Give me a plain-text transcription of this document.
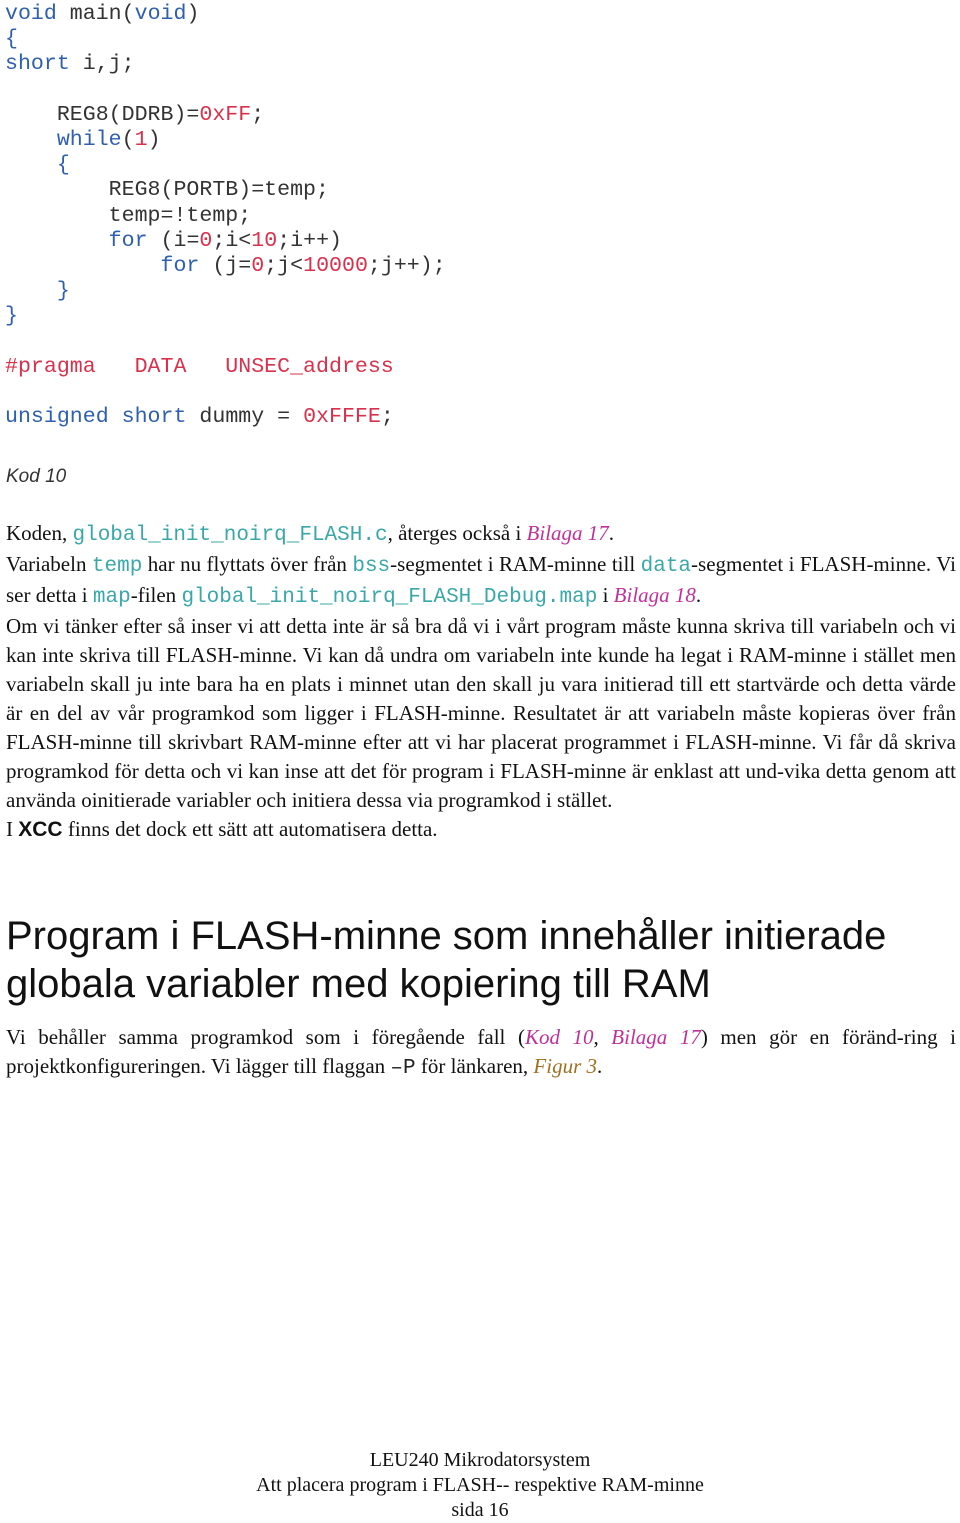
void main(void)
{
short i,j;
REG8(DDRB)=0xFF;
while(1)
{
REG8(PORTB)=temp;
temp=!temp;
for (i=0;i<10;i++)
for (j=0;j<10000;j++);
}
}
#pragma   DATA   UNSEC_address
unsigned short dummy = 0xFFFE;
Kod 10

Koden, global_init_noirq_FLASH.c, återges också i Bilaga 17.

Variabeln temp har nu flyttats över från bss-segmentet i RAM-minne till data-segmentet i FLASH-minne. Vi ser detta i map-filen global_init_noirq_FLASH_Debug.map i Bilaga 18.

Om vi tänker efter så inser vi att detta inte är så bra då vi i vårt program måste kunna skriva till variabeln och vi kan inte skriva till FLASH-minne. Vi kan då undra om variabeln inte kunde ha legat i RAM-minne i stället men variabeln skall ju inte bara ha en plats i minnet utan den skall ju vara initierad till ett startvärde och detta värde är en del av vår programkod som ligger i FLASH-minne. Resultatet är att variabeln måste kopieras över från FLASH-minne till skrivbart RAM-minne efter att vi har placerat programmet i FLASH-minne. Vi får då skriva programkod för detta och vi kan inse att det för program i FLASH-minne är enklast att und-vika detta genom att använda oinitierade variabler och initiera dessa via programkod i stället.

I XCC finns det dock ett sätt att automatisera detta.

Program i FLASH-minne som innehåller initierade globala variabler med kopiering till RAM

Vi behåller samma programkod som i föregående fall (Kod 10, Bilaga 17) men gör en föränd-ring i projektkonfigureringen. Vi lägger till flaggan –P för länkaren, Figur 3.

LEU240 Mikrodatorsystem
Att placera program i FLASH-- respektive RAM-minne
sida 16
